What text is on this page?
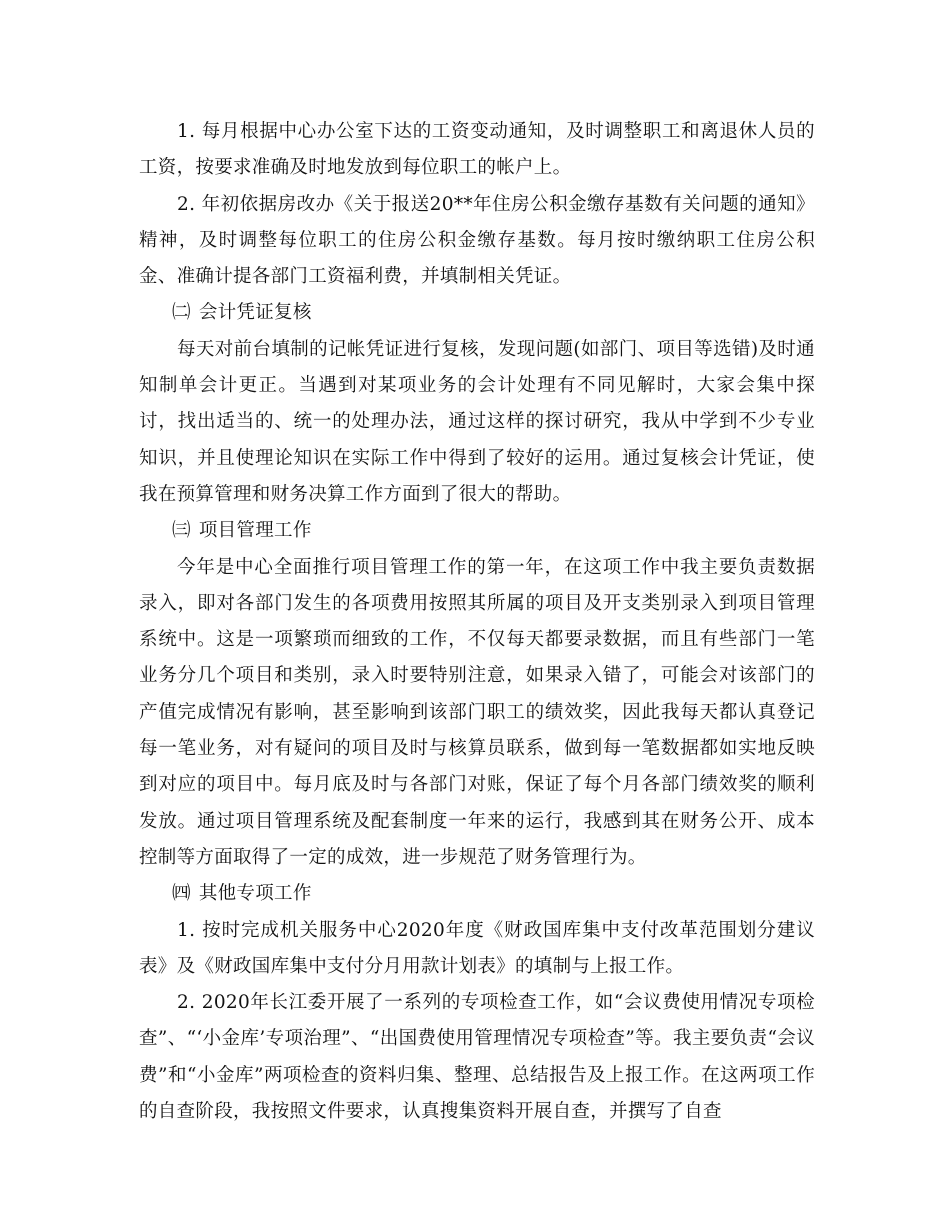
1. 每月根据中心办公室下达的工资变动通知，及时调整职工和离退休人员的工资，按要求准确及时地发放到每位职工的帐户上。

2. 年初依据房改办《关于报送20**年住房公积金缴存基数有关问题的通知》精神，及时调整每位职工的住房公积金缴存基数。每月按时缴纳职工住房公积金、准确计提各部门工资福利费，并填制相关凭证。

㈡ 会计凭证复核

每天对前台填制的记帐凭证进行复核，发现问题(如部门、项目等选错)及时通知制单会计更正。当遇到对某项业务的会计处理有不同见解时，大家会集中探讨，找出适当的、统一的处理办法，通过这样的探讨研究，我从中学到不少专业知识，并且使理论知识在实际工作中得到了较好的运用。通过复核会计凭证，使我在预算管理和财务决算工作方面到了很大的帮助。

㈢ 项目管理工作

今年是中心全面推行项目管理工作的第一年，在这项工作中我主要负责数据录入，即对各部门发生的各项费用按照其所属的项目及开支类别录入到项目管理系统中。这是一项繁琐而细致的工作，不仅每天都要录数据，而且有些部门一笔业务分几个项目和类别，录入时要特别注意，如果录入错了，可能会对该部门的产值完成情况有影响，甚至影响到该部门职工的绩效奖，因此我每天都认真登记每一笔业务，对有疑问的项目及时与核算员联系，做到每一笔数据都如实地反映到对应的项目中。每月底及时与各部门对账，保证了每个月各部门绩效奖的顺利发放。通过项目管理系统及配套制度一年来的运行，我感到其在财务公开、成本控制等方面取得了一定的成效，进一步规范了财务管理行为。

㈣ 其他专项工作

1. 按时完成机关服务中心2020年度《财政国库集中支付改革范围划分建议表》及《财政国库集中支付分月用款计划表》的填制与上报工作。

2. 2020年长江委开展了一系列的专项检查工作，如“会议费使用情况专项检查”、“‘小金库’专项治理”、“出国费使用管理情况专项检查”等。我主要负责“会议费”和“小金库”两项检查的资料归集、整理、总结报告及上报工作。在这两项工作的自查阶段，我按照文件要求，认真搜集资料开展自查，并撰写了自查
